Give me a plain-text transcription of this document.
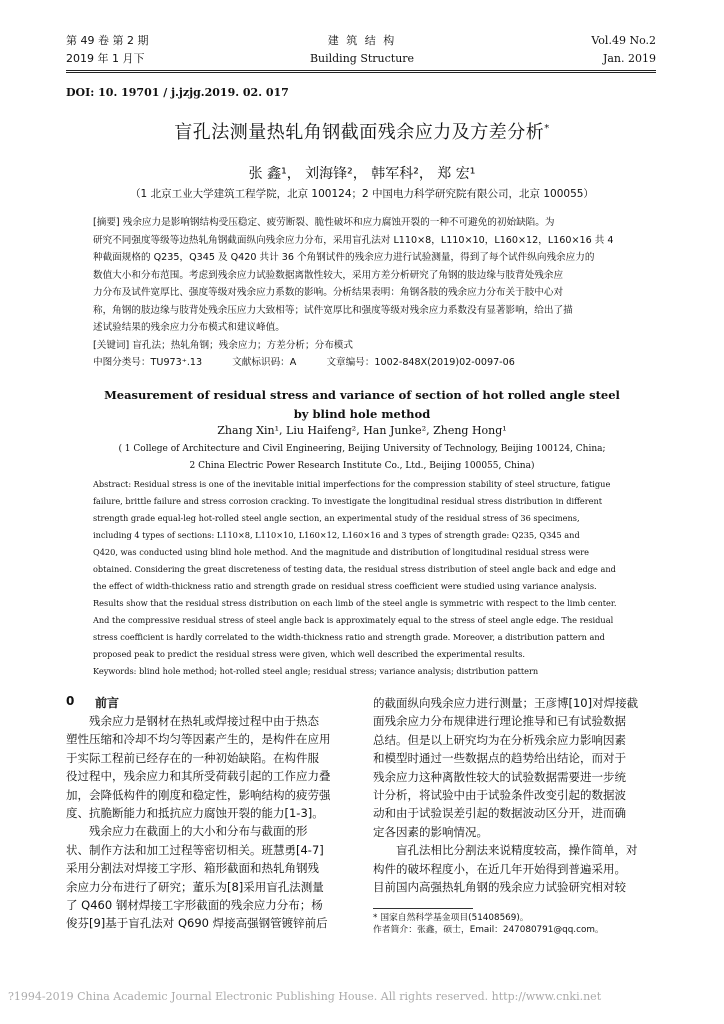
第 49 卷 第 2 期
2019 年 1 月下
建 筑 结 构
Building Structure
Vol.49 No.2
Jan. 2019
DOI: 10. 19701 / j.jzjg.2019. 02. 017
盲孔法测量热轧角钢截面残余应力及方差分析*
张 鑫¹， 刘海锋²， 韩军科²， 郑 宏¹
（1 北京工业大学建筑工程学院，北京 100124；2 中国电力科学研究院有限公司，北京 100055）

[摘要] 残余应力是影响钢结构受压稳定、疲劳断裂、脆性破坏和应力腐蚀开裂的一种不可避免的初始缺陷。为

研究不同强度等级等边热轧角钢截面纵向残余应力分布，采用盲孔法对 L110×8，L110×10，L160×12，L160×16 共 4

种截面规格的 Q235，Q345 及 Q420 共计 36 个角钢试件的残余应力进行试验测量，得到了每个试件纵向残余应力的

数值大小和分布范围。考虑到残余应力试验数据离散性较大，采用方差分析研究了角钢的肢边缘与肢背处残余应

力分布及试件宽厚比、强度等级对残余应力系数的影响。分析结果表明：角钢各肢的残余应力分布关于肢中心对

称，角钢的肢边缘与肢背处残余压应力大致相等；试件宽厚比和强度等级对残余应力系数没有显著影响，给出了描

述试验结果的残余应力分布模式和建议峰值。

[关键词] 盲孔法；热轧角钢；残余应力；方差分析；分布模式

中图分类号：TU973⁺.13	文献标识码：A	文章编号：1002-848X(2019)02-0097-06

Measurement of residual stress and variance of section of hot rolled angle steel
by blind hole method
Zhang Xin¹, Liu Haifeng², Han Junke², Zheng Hong¹
( 1 College of Architecture and Civil Engineering, Beijing University of Technology, Beijing 100124, China;
2 China Electric Power Research Institute Co., Ltd., Beijing 100055, China)

Abstract: Residual stress is one of the inevitable initial imperfections for the compression stability of steel structure, fatigue

failure, brittle failure and stress corrosion cracking. To investigate the longitudinal residual stress distribution in different

strength grade equal-leg hot-rolled steel angle section, an experimental study of the residual stress of 36 specimens,

including 4 types of sections: L110×8, L110×10, L160×12, L160×16 and 3 types of strength grade: Q235, Q345 and

Q420, was conducted using blind hole method. And the magnitude and distribution of longitudinal residual stress were

obtained. Considering the great discreteness of testing data, the residual stress distribution of steel angle back and edge and

the effect of width-thickness ratio and strength grade on residual stress coefficient were studied using variance analysis.

Results show that the residual stress distribution on each limb of the steel angle is symmetric with respect to the limb center.

And the compressive residual stress of steel angle back is approximately equal to the stress of steel angle edge. The residual

stress coefficient is hardly correlated to the width-thickness ratio and strength grade. Moreover, a distribution pattern and

proposed peak to predict the residual stress were given, which well described the experimental results.

Keywords: blind hole method; hot-rolled steel angle; residual stress; variance analysis; distribution pattern

0 前言

　　残余应力是钢材在热轧或焊接过程中由于热态

塑性压缩和冷却不均匀等因素产生的，是构件在应用

于实际工程前已经存在的一种初始缺陷。在构件服

役过程中，残余应力和其所受荷载引起的工作应力叠

加，会降低构件的刚度和稳定性，影响结构的疲劳强

度、抗脆断能力和抵抗应力腐蚀开裂的能力[1-3]。

　　残余应力在截面上的大小和分布与截面的形

状、制作方法和加工过程等密切相关。班慧勇[4-7]

采用分割法对焊接工字形、箱形截面和热轧角钢残

余应力分布进行了研究；董乐为[8]采用盲孔法测量

了 Q460 钢材焊接工字形截面的残余应力分布；杨

俊芬[9]基于盲孔法对 Q690 焊接高强钢管镀锌前后

的截面纵向残余应力进行测量；王彦博[10]对焊接截

面残余应力分布规律进行理论推导和已有试验数据

总结。但是以上研究均为在分析残余应力影响因素

和模型时通过一些数据点的趋势给出结论，而对于

残余应力这种离散性较大的试验数据需要进一步统

计分析，将试验中由于试验条件改变引起的数据波

动和由于试验误差引起的数据波动区分开，进而确

定各因素的影响情况。

　　盲孔法相比分割法来说精度较高，操作简单，对

构件的破坏程度小，在近几年开始得到普遍采用。

目前国内高强热轧角钢的残余应力试验研究相对较

* 国家自然科学基金项目(51408569)。
作者简介：张鑫，硕士，Email：247080791@qq.com。
?1994-2019 China Academic Journal Electronic Publishing House. All rights reserved. http://www.cnki.net
